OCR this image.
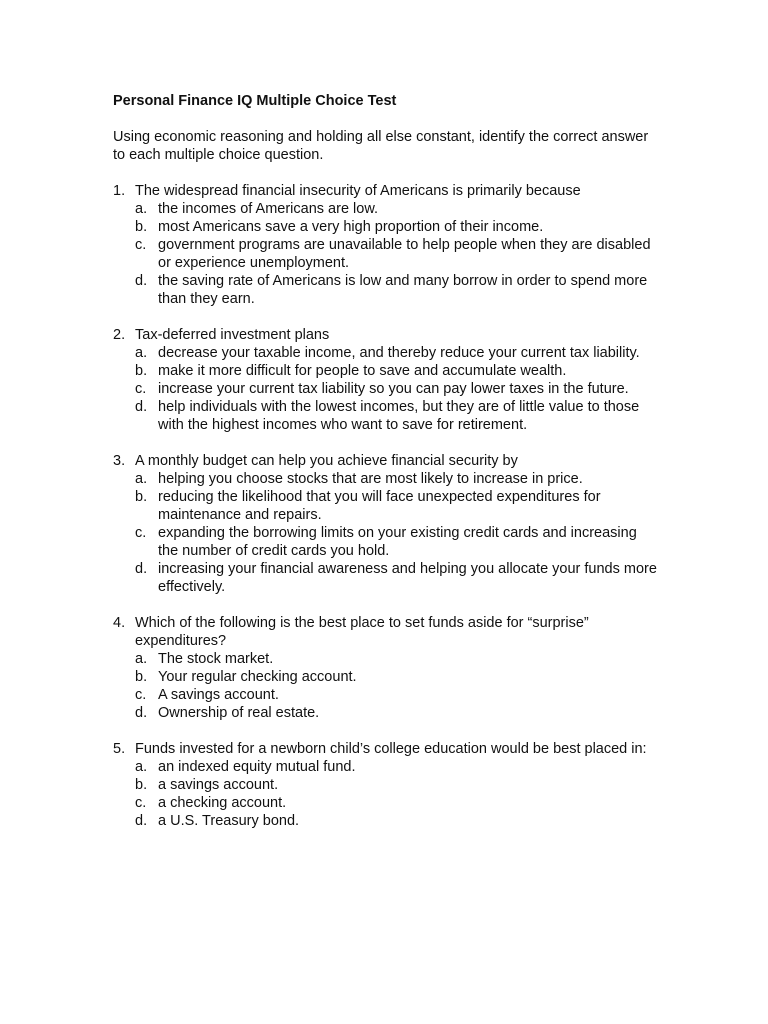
Personal Finance IQ Multiple Choice Test
Using economic reasoning and holding all else constant, identify the correct answer to each multiple choice question.
1. The widespread financial insecurity of Americans is primarily because
a. the incomes of Americans are low.
b. most Americans save a very high proportion of their income.
c. government programs are unavailable to help people when they are disabled or experience unemployment.
d. the saving rate of Americans is low and many borrow in order to spend more than they earn.
2. Tax-deferred investment plans
a. decrease your taxable income, and thereby reduce your current tax liability.
b. make it more difficult for people to save and accumulate wealth.
c. increase your current tax liability so you can pay lower taxes in the future.
d. help individuals with the lowest incomes, but they are of little value to those with the highest incomes who want to save for retirement.
3. A monthly budget can help you achieve financial security by
a. helping you choose stocks that are most likely to increase in price.
b. reducing the likelihood that you will face unexpected expenditures for maintenance and repairs.
c. expanding the borrowing limits on your existing credit cards and increasing the number of credit cards you hold.
d. increasing your financial awareness and helping you allocate your funds more effectively.
4. Which of the following is the best place to set funds aside for “surprise” expenditures?
a. The stock market.
b. Your regular checking account.
c. A savings account.
d. Ownership of real estate.
5. Funds invested for a newborn child’s college education would be best placed in:
a. an indexed equity mutual fund.
b. a savings account.
c. a checking account.
d. a U.S. Treasury bond.
